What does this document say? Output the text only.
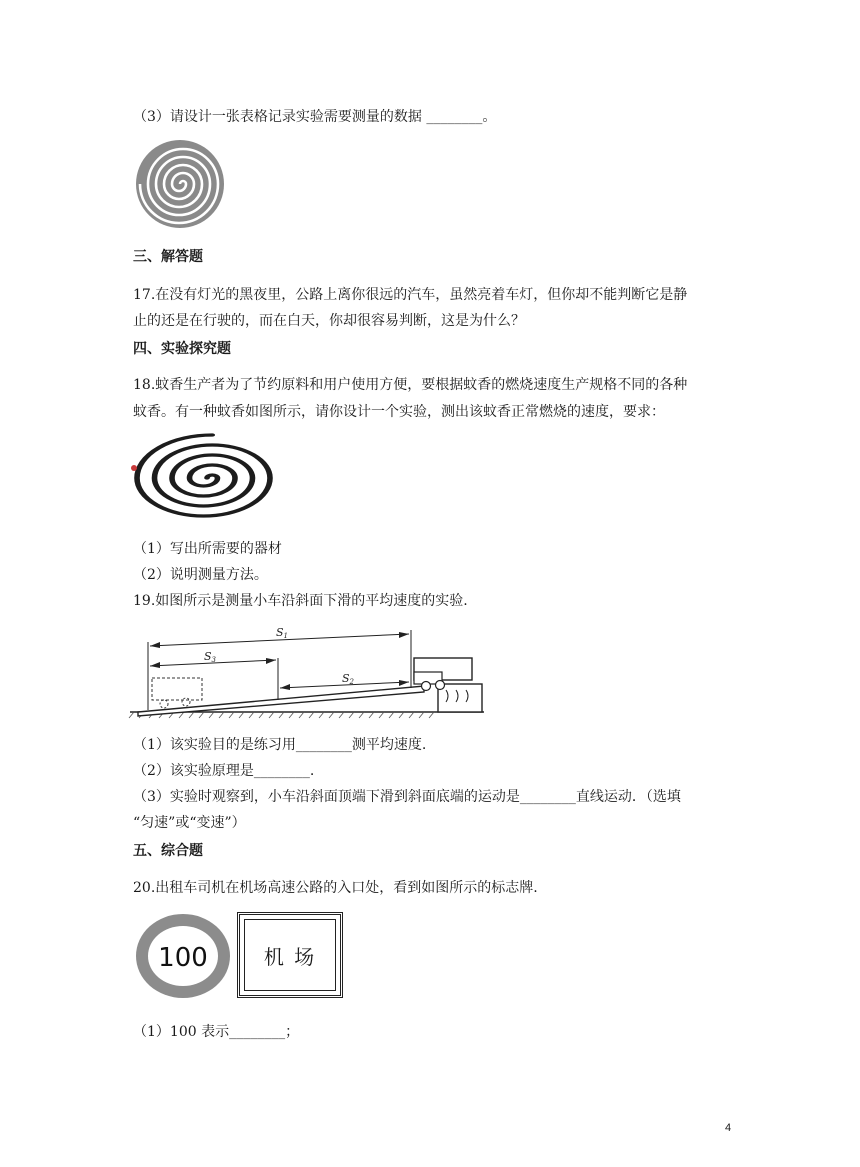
（3）请设计一张表格记录实验需要测量的数据 ________。
三、解答题
17.在没有灯光的黑夜里，公路上离你很远的汽车，虽然亮着车灯，但你却不能判断它是静
止的还是在行驶的，而在白天，你却很容易判断，这是为什么？
四、实验探究题
18.蚊香生产者为了节约原料和用户使用方便，要根据蚊香的燃烧速度生产规格不同的各种
蚊香。有一种蚊香如图所示，请你设计一个实验，测出该蚊香正常燃烧的速度，要求：
（1）写出所需要的器材
（2）说明测量方法。
19.如图所示是测量小车沿斜面下滑的平均速度的实验.
S1
S3
S2
（1）该实验目的是练习用________测平均速度.
（2）该实验原理是________.
（3）实验时观察到，小车沿斜面顶端下滑到斜面底端的运动是________直线运动．（选填
“匀速”或“变速”）
五、综合题
20.出租车司机在机场高速公路的入口处，看到如图所示的标志牌.
100	机 场
（1）100 表示________；
4
